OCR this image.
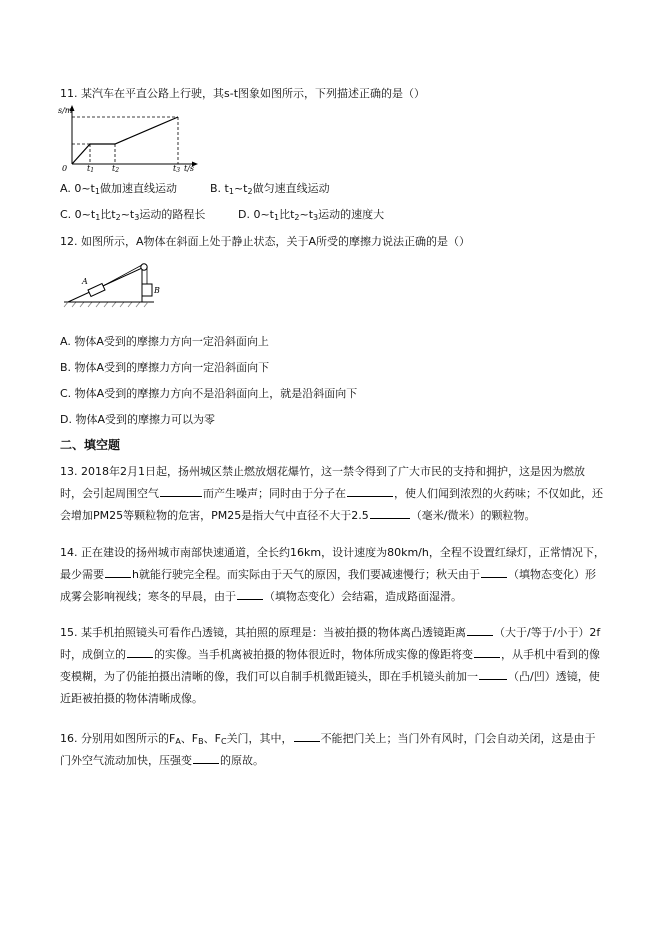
11. 某汽车在平直公路上行驶，其s-t图象如图所示，下列描述正确的是（）
s/m
0 t1 t2	t3 t/s
A. $0\sim t_1$做加速直线运动	B. $t_1\sim t_2$做匀速直线运动
C. $0\sim t_1$比$t_2\sim t_3$运动的路程长	D. $0\sim t_1$比$t_2\sim t_3$运动的速度大
12. 如图所示，A物体在斜面上处于静止状态，关于A所受的摩擦力说法正确的是（）
A
B
A. 物体A受到的摩擦力方向一定沿斜面向上
B. 物体A受到的摩擦力方向一定沿斜面向下
C. 物体A受到的摩擦力方向不是沿斜面向上，就是沿斜面向下
D. 物体A受到的摩擦力可以为零
二、填空题
13. 2018年2月1日起，扬州城区禁止燃放烟花爆竹，这一禁令得到了广大市民的支持和拥护，这是因为燃放时，会引起周围空气	而产生噪声；同时由于分子在	，使人们闻到浓烈的火药味；不仅如此，还会增加PM25等颗粒物的危害，PM25是指大气中直径不大于2.5	（毫米/微米）的颗粒物。
14. 正在建设的扬州城市南部快速通道，全长约16km，设计速度为80km/h，全程不设置红绿灯，正常情况下，最少需要	h就能行驶完全程。而实际由于天气的原因，我们要减速慢行；秋天由于	（填物态变化）形成雾会影响视线；寒冬的早晨，由于	（填物态变化）会结霜，造成路面湿滑。
15. 某手机拍照镜头可看作凸透镜，其拍照的原理是：当被拍摄的物体离凸透镜距离	（大于/等于/小于）2f时，成倒立的	的实像。当手机离被拍摄的物体很近时，物体所成实像的像距将变	，从手机中看到的像变模糊，为了仍能拍摄出清晰的像，我们可以自制手机微距镜头，即在手机镜头前加一	（凸/凹）透镜，使近距被拍摄的物体清晰成像。
16. 分别用如图所示的$F_A$、$F_B$、$F_C$关门，其中，	不能把门关上；当门外有风时，门会自动关闭，这是由于门外空气流动加快，压强变	的原故。
